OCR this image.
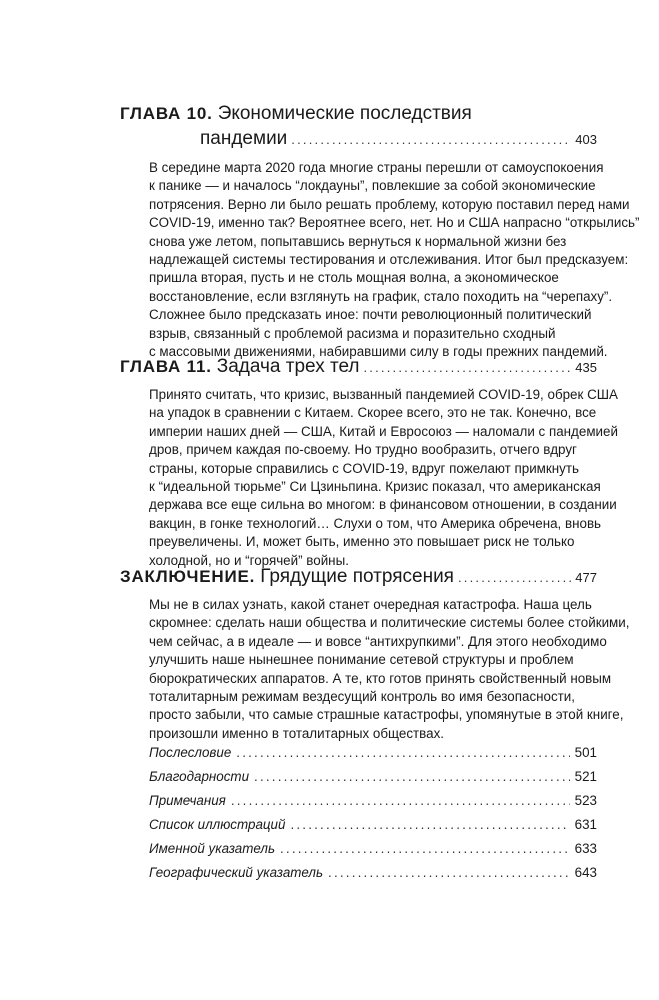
ГЛАВА 10. Экономические последствия
пандемии .....	403
В середине марта 2020 года многие страны перешли от самоуспокоения
к панике — и началось “локдауны”, повлекшие за собой экономические
потрясения. Верно ли было решать проблему, которую поставил перед нами
COVID-19, именно так? Вероятнее всего, нет. Но и США напрасно “открылись”
снова уже летом, попытавшись вернуться к нормальной жизни без
надлежащей системы тестирования и отслеживания. Итог был предсказуем:
пришла вторая, пусть и не столь мощная волна, а экономическое
восстановление, если взглянуть на график, стало походить на “черепаху”.
Сложнее было предсказать иное: почти революционный политический
взрыв, связанный с проблемой расизма и поразительно сходный
с массовыми движениями, набиравшими силу в годы прежних пандемий.
ГЛАВА 11. Задача трех тел .....	435
Принято считать, что кризис, вызванный пандемией COVID-19, обрек США
на упадок в сравнении с Китаем. Скорее всего, это не так. Конечно, все
империи наших дней — США, Китай и Евросоюз — наломали с пандемией
дров, причем каждая по-своему. Но трудно вообразить, отчего вдруг
страны, которые справились с COVID-19, вдруг пожелают примкнуть
к “идеальной тюрьме” Си Цзиньпина. Кризис показал, что американская
держава все еще сильна во многом: в финансовом отношении, в создании
вакцин, в гонке технологий… Слухи о том, что Америка обречена, вновь
преувеличены. И, может быть, именно это повышает риск не только
холодной, но и “горячей” войны.
ЗАКЛЮЧЕНИЕ. Грядущие потрясения .....	477
Мы не в силах узнать, какой станет очередная катастрофа. Наша цель
скромнее: сделать наши общества и политические системы более стойкими,
чем сейчас, а в идеале — и вовсе “антихрупкими”. Для этого необходимо
улучшить наше нынешнее понимание сетевой структуры и проблем
бюрократических аппаратов. А те, кто готов принять свойственный новым
тоталитарным режимам вездесущий контроль во имя безопасности,
просто забыли, что самые страшные катастрофы, упомянутые в этой книге,
произошли именно в тоталитарных обществах.
Послесловие .....	501
Благодарности .....	521
Примечания .....	523
Список иллюстраций .....	631
Именной указатель .....	633
Географический указатель .....	643
